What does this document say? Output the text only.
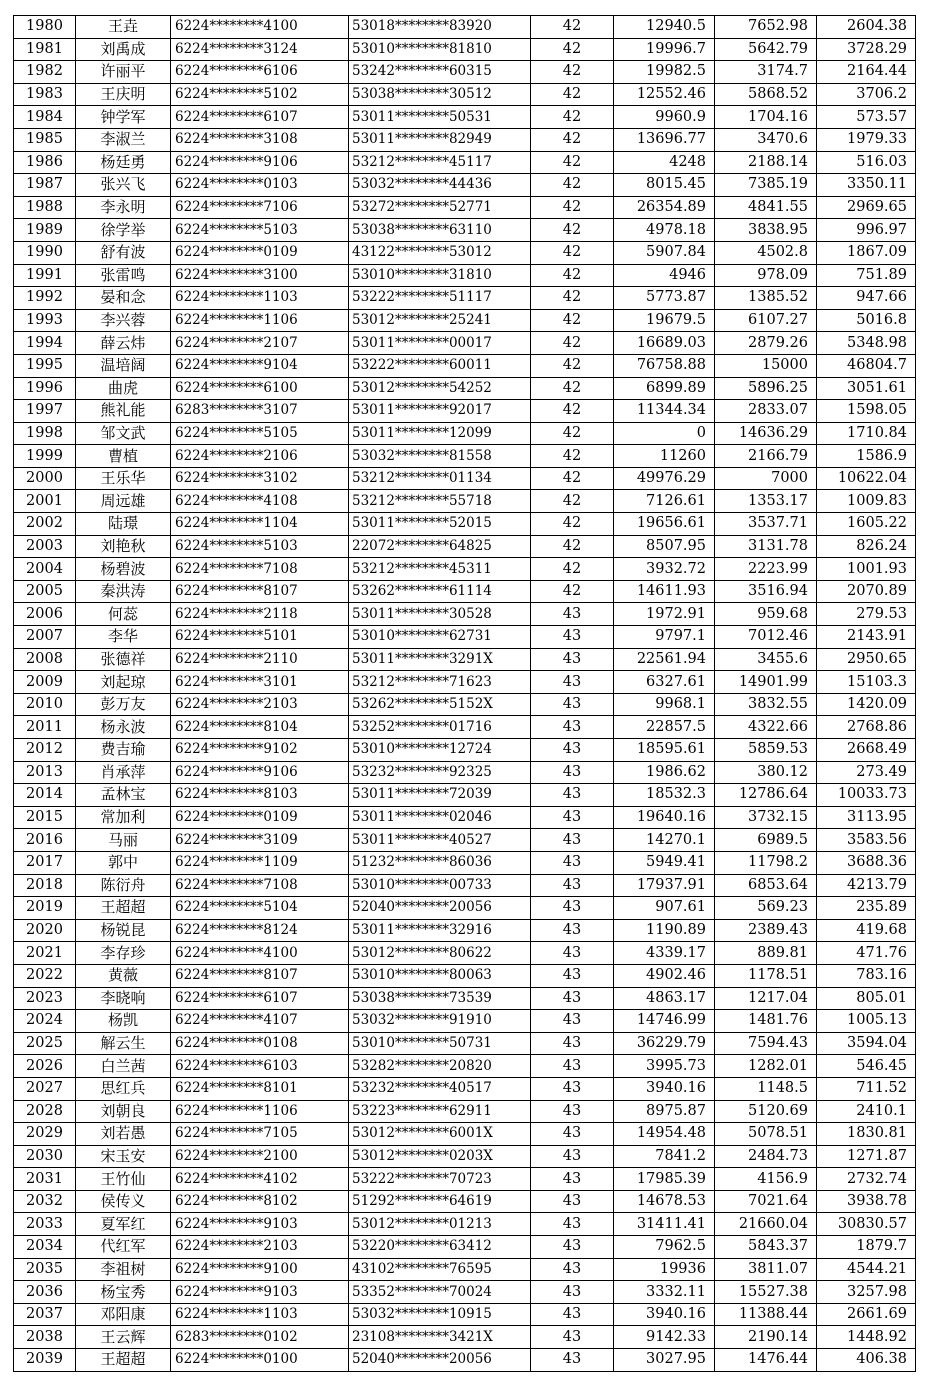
1980	王垚	6224********4100	53018********83920	42	12940.5	7652.98	2604.38
1981	刘禹成	6224********3124	53010********81810	42	19996.7	5642.79	3728.29
1982	许丽平	6224********6106	53242********60315	42	19982.5	3174.7	2164.44
1983	王庆明	6224********5102	53038********30512	42	12552.46	5868.52	3706.2
1984	钟学军	6224********6107	53011********50531	42	9960.9	1704.16	573.57
1985	李淑兰	6224********3108	53011********82949	42	13696.77	3470.6	1979.33
1986	杨廷勇	6224********9106	53212********45117	42	4248	2188.14	516.03
1987	张兴飞	6224********0103	53032********44436	42	8015.45	7385.19	3350.11
1988	李永明	6224********7106	53272********52771	42	26354.89	4841.55	2969.65
1989	徐学举	6224********5103	53038********63110	42	4978.18	3838.95	996.97
1990	舒有波	6224********0109	43122********53012	42	5907.84	4502.8	1867.09
1991	张雷鸣	6224********3100	53010********31810	42	4946	978.09	751.89
1992	晏和念	6224********1103	53222********51117	42	5773.87	1385.52	947.66
1993	李兴蓉	6224********1106	53012********25241	42	19679.5	6107.27	5016.8
1994	薛云炜	6224********2107	53011********00017	42	16689.03	2879.26	5348.98
1995	温培阔	6224********9104	53222********60011	42	76758.88	15000	46804.7
1996	曲虎	6224********6100	53012********54252	42	6899.89	5896.25	3051.61
1997	熊礼能	6283********3107	53011********92017	42	11344.34	2833.07	1598.05
1998	邹文武	6224********5105	53011********12099	42	0	14636.29	1710.84
1999	曹植	6224********2106	53032********81558	42	11260	2166.79	1586.9
2000	王乐华	6224********3102	53212********01134	42	49976.29	7000	10622.04
2001	周远雄	6224********4108	53212********55718	42	7126.61	1353.17	1009.83
2002	陆璟	6224********1104	53011********52015	42	19656.61	3537.71	1605.22
2003	刘艳秋	6224********5103	22072********64825	42	8507.95	3131.78	826.24
2004	杨碧波	6224********7108	53212********45311	42	3932.72	2223.99	1001.93
2005	秦洪涛	6224********8107	53262********61114	42	14611.93	3516.94	2070.89
2006	何蕊	6224********2118	53011********30528	43	1972.91	959.68	279.53
2007	李华	6224********5101	53010********62731	43	9797.1	7012.46	2143.91
2008	张德祥	6224********2110	53011********3291X	43	22561.94	3455.6	2950.65
2009	刘起琼	6224********3101	53212********71623	43	6327.61	14901.99	15103.3
2010	彭万友	6224********2103	53262********5152X	43	9968.1	3832.55	1420.09
2011	杨永波	6224********8104	53252********01716	43	22857.5	4322.66	2768.86
2012	费吉瑜	6224********9102	53010********12724	43	18595.61	5859.53	2668.49
2013	肖承萍	6224********9106	53232********92325	43	1986.62	380.12	273.49
2014	孟林宝	6224********8103	53011********72039	43	18532.3	12786.64	10033.73
2015	常加利	6224********0109	53011********02046	43	19640.16	3732.15	3113.95
2016	马丽	6224********3109	53011********40527	43	14270.1	6989.5	3583.56
2017	郭中	6224********1109	51232********86036	43	5949.41	11798.2	3688.36
2018	陈衍舟	6224********7108	53010********00733	43	17937.91	6853.64	4213.79
2019	王超超	6224********5104	52040********20056	43	907.61	569.23	235.89
2020	杨锐昆	6224********8124	53011********32916	43	1190.89	2389.43	419.68
2021	李存珍	6224********4100	53012********80622	43	4339.17	889.81	471.76
2022	黄薇	6224********8107	53010********80063	43	4902.46	1178.51	783.16
2023	李晓响	6224********6107	53038********73539	43	4863.17	1217.04	805.01
2024	杨凯	6224********4107	53032********91910	43	14746.99	1481.76	1005.13
2025	解云生	6224********0108	53010********50731	43	36229.79	7594.43	3594.04
2026	白兰茜	6224********6103	53282********20820	43	3995.73	1282.01	546.45
2027	思红兵	6224********8101	53232********40517	43	3940.16	1148.5	711.52
2028	刘朝良	6224********1106	53223********62911	43	8975.87	5120.69	2410.1
2029	刘若愚	6224********7105	53012********6001X	43	14954.48	5078.51	1830.81
2030	宋玉安	6224********2100	53012********0203X	43	7841.2	2484.73	1271.87
2031	王竹仙	6224********4102	53222********70723	43	17985.39	4156.9	2732.74
2032	侯传义	6224********8102	51292********64619	43	14678.53	7021.64	3938.78
2033	夏军红	6224********9103	53012********01213	43	31411.41	21660.04	30830.57
2034	代红军	6224********2103	53220********63412	43	7962.5	5843.37	1879.7
2035	李祖树	6224********9100	43102********76595	43	19936	3811.07	4544.21
2036	杨宝秀	6224********9103	53352********70024	43	3332.11	15527.38	3257.98
2037	邓阳康	6224********1103	53032********10915	43	3940.16	11388.44	2661.69
2038	王云辉	6283********0102	23108********3421X	43	9142.33	2190.14	1448.92
2039	王超超	6224********0100	52040********20056	43	3027.95	1476.44	406.38
